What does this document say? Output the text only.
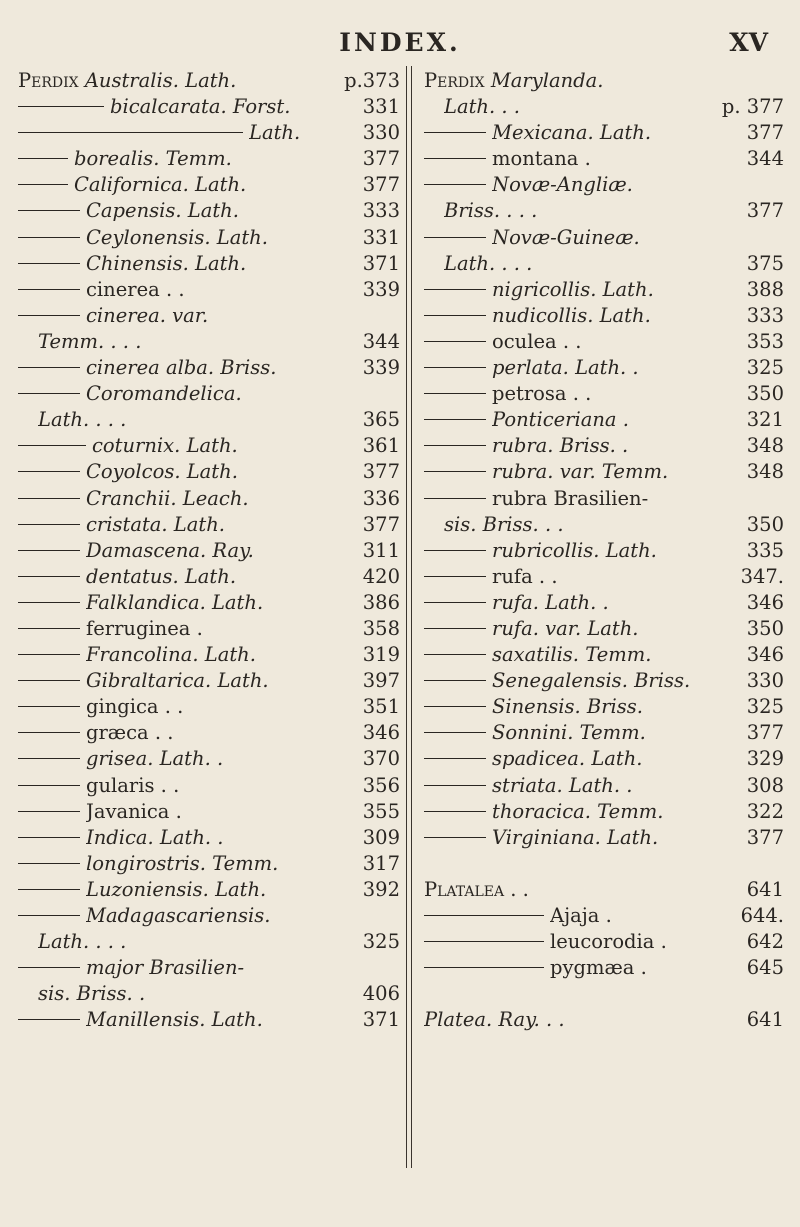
INDEX.	XV
Perdix Australis. Lath.	p.373
bicalcarata. Forst.	331
Lath.	330
borealis. Temm.	377
Californica. Lath.	377
Capensis. Lath.	333
Ceylonensis. Lath.	331
Chinensis. Lath.	371
cinerea . .	339
cinerea. var.
Temm. . . .	344
cinerea alba. Briss.	339
Coromandelica.
Lath. . . .	365
coturnix. Lath.	361
Coyolcos. Lath.	377
Cranchii. Leach.	336
cristata. Lath.	377
Damascena. Ray.	311
dentatus. Lath.	420
Falklandica. Lath.	386
ferruginea .	358
Francolina. Lath.	319
Gibraltarica. Lath.	397
gingica . .	351
græca . .	346
grisea. Lath. .	370
gularis . .	356
Javanica .	355
Indica. Lath. .	309
longirostris. Temm.	317
Luzoniensis. Lath.	392
Madagascariensis.
Lath. . . .	325
major Brasilien-
sis. Briss. .	406
Manillensis. Lath.	371
Perdix Marylanda.
Lath. . .	p. 377
Mexicana. Lath.	377
montana .	344
Novæ-Angliæ.
Briss. . . .	377
Novæ-Guineæ.
Lath. . . .	375
nigricollis. Lath.	388
nudicollis. Lath.	333
oculea . .	353
perlata. Lath. .	325
petrosa . .	350
Ponticeriana .	321
rubra. Briss. .	348
rubra. var. Temm.	348
rubra Brasilien-
sis. Briss. . .	350
rubricollis. Lath.	335
rufa . .	347.
rufa. Lath. .	346
rufa. var. Lath.	350
saxatilis. Temm.	346
Senegalensis. Briss.	330
Sinensis. Briss.	325
Sonnini. Temm.	377
spadicea. Lath.	329
striata. Lath. .	308
thoracica. Temm.	322
Virginiana. Lath.	377
Platalea . .	641
Ajaja .	644.
leucorodia .	642
pygmæa .	645
Platea. Ray. . .	641
